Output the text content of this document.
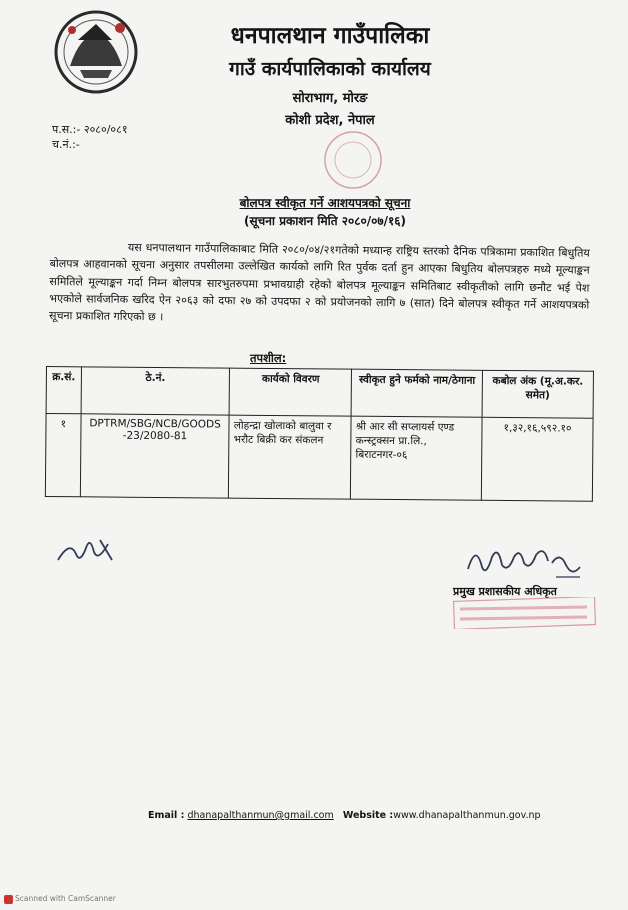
धनपालथान गाउँपालिका
गाउँ कार्यपालिकाको कार्यालय
सोराभाग, मोरङ
कोशी प्रदेश, नेपाल
प.स.:- २०८०/०८१
च.नं.:-
बोलपत्र स्वीकृत गर्ने आशयपत्रको सूचना
(सूचना प्रकाशन मिति २०८०/०७/१६)
यस धनपालथान गाउँपालिकाबाट मिति २०८०/०४/२१गतेको मध्यान्ह राष्ट्रिय स्तरको दैनिक पत्रिकामा प्रकाशित बिधुतिय बोलपत्र आहवानको सूचना अनुसार तपसीलमा उल्लेखित कार्यको लागि रित पुर्वक दर्ता हुन आएका बिधुतिय बोलपत्रहरु मध्ये मूल्याङ्कन समितिले मूल्याङ्कन गर्दा निम्न बोलपत्र सारभुतरुपमा प्रभावग्राही रहेको बोलपत्र मूल्याङ्कन समितिबाट स्वीकृतीको लागि छनौट भई पेश भएकोले सार्वजनिक खरिद ऐन २०६३ को दफा २७ को उपदफा २ को प्रयोजनको लागि ७ (सात) दिने बोलपत्र स्वीकृत गर्ने आशयपत्रको सूचना प्रकाशित गरिएको छ ।
तपशील:
क्र.सं.	ठे.नं.	कार्यको विवरण	स्वीकृत हुने फर्मको नाम/ठेगाना	कबोल अंक (मू.अ.कर. समेत)
१	DPTRM/SBG/NCB/GOODS -23/2080-81	लोहन्द्रा खोलाको बालुवा र भरौट बिक्री कर संकलन	श्री आर सी सप्लायर्स एण्ड कन्स्ट्रक्सन प्रा.लि., बिराटनगर-०६	१,३२,१६,५९२.१०
प्रमुख प्रशासकीय अधिकृत
Email : dhanapalthanmun@gmail.com Website :www.dhanapalthanmun.gov.np
Scanned with CamScanner
